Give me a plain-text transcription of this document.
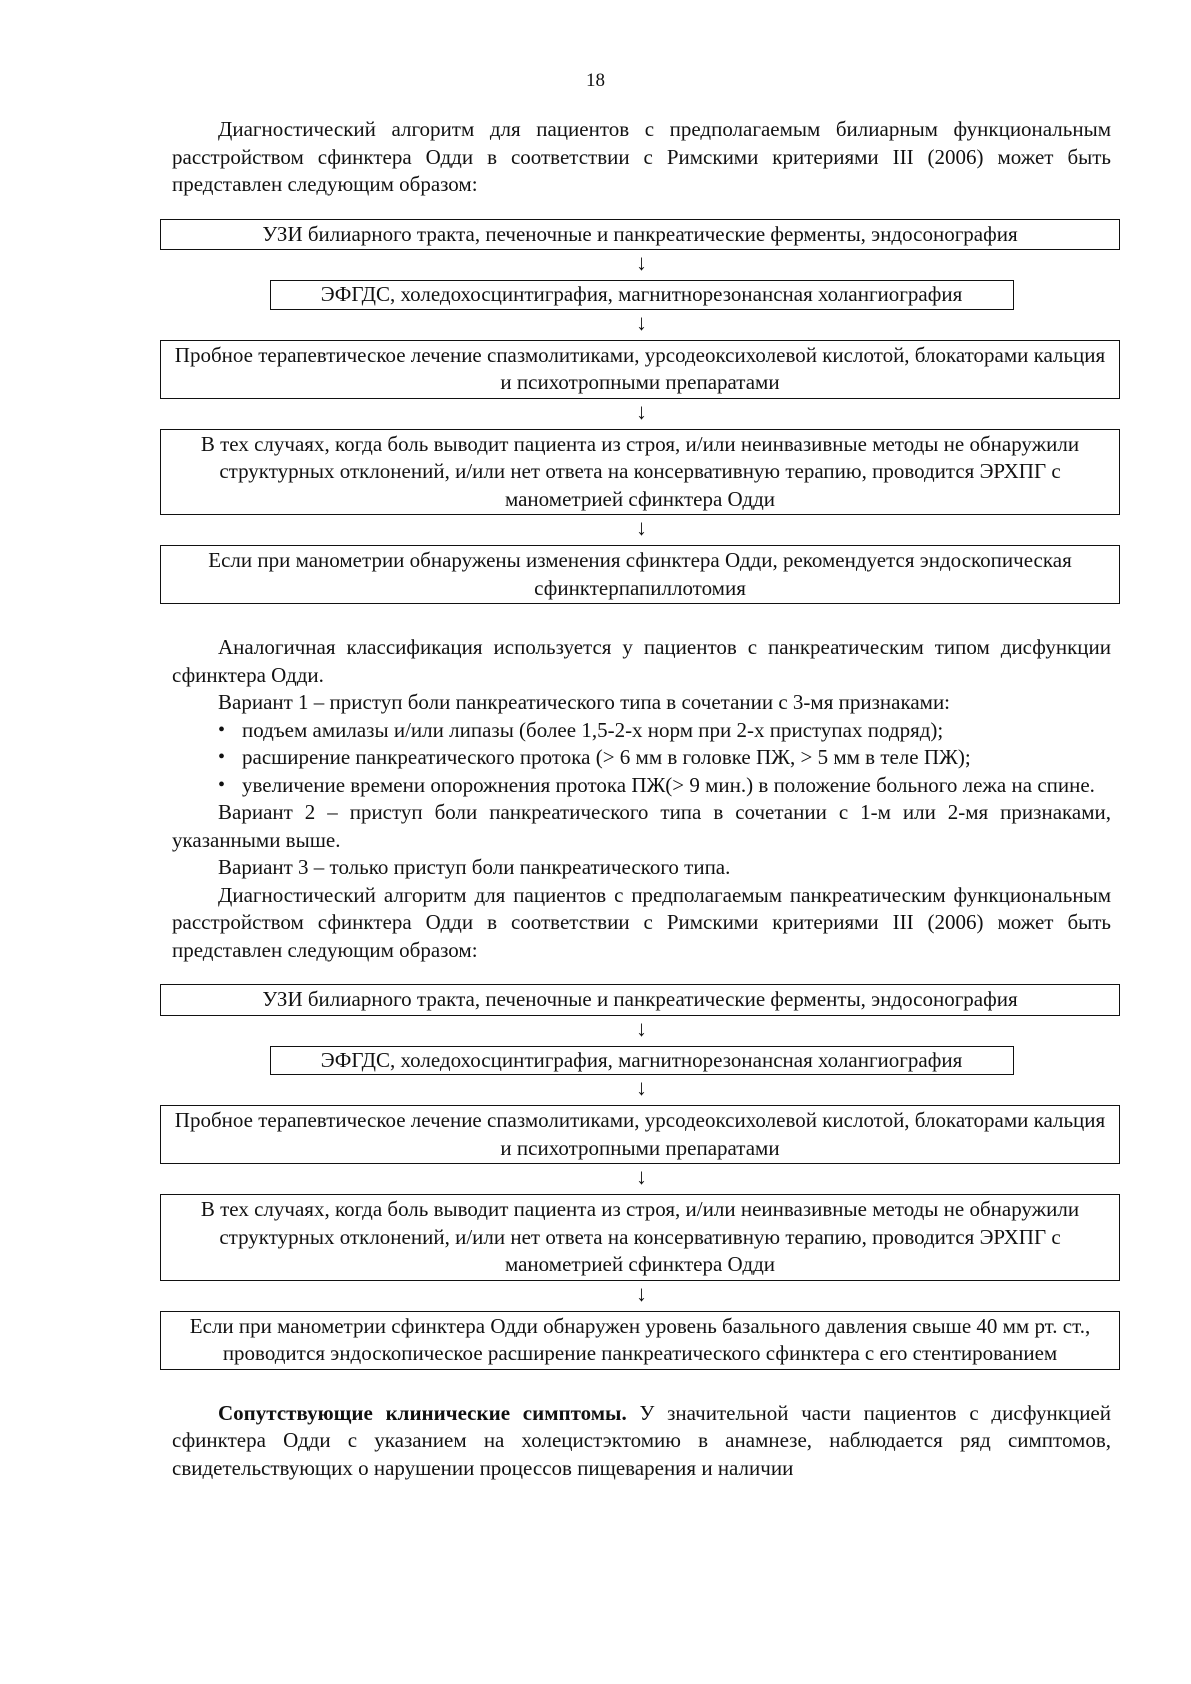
18

Диагностический алгоритм для пациентов с предполагаемым билиарным функциональным расстройством сфинктера Одди в соответствии с Римскими критериями III (2006) может быть представлен следующим образом:

УЗИ билиарного тракта, печеночные и панкреатические ферменты, эндосонография
↓
ЭФГДС, холедохосцинтиграфия, магнитнорезонансная холангиография
↓
Пробное терапевтическое лечение спазмолитиками, урсодеоксихолевой кислотой, блокаторами кальция и психотропными препаратами
↓
В тех случаях, когда боль выводит пациента из строя, и/или неинвазивные методы не обнаружили структурных отклонений, и/или нет ответа на консервативную терапию, проводится ЭРХПГ с манометрией сфинктера Одди
↓
Если при манометрии обнаружены изменения сфинктера Одди, рекомендуется эндоскопическая сфинктерпапиллотомия

Аналогичная классификация используется у пациентов с панкреатическим типом дисфункции сфинктера Одди.

Вариант 1 – приступ боли панкреатического типа в сочетании с 3-мя признаками:

• подъем амилазы и/или липазы (более 1,5-2-х норм при 2-х приступах подряд);
• расширение панкреатического протока (> 6 мм в головке ПЖ, > 5 мм в теле ПЖ);
• увеличение времени опорожнения протока ПЖ(> 9 мин.) в положение больного лежа на спине.

Вариант 2 – приступ боли панкреатического типа в сочетании с 1-м или 2-мя признаками, указанными выше.

Вариант 3 – только приступ боли панкреатического типа.

Диагностический алгоритм для пациентов с предполагаемым панкреатическим функциональным расстройством сфинктера Одди в соответствии с Римскими критериями III (2006) может быть представлен следующим образом:

УЗИ билиарного тракта, печеночные и панкреатические ферменты, эндосонография
↓
ЭФГДС, холедохосцинтиграфия, магнитнорезонансная холангиография
↓
Пробное терапевтическое лечение спазмолитиками, урсодеоксихолевой кислотой, блокаторами кальция и психотропными препаратами
↓
В тех случаях, когда боль выводит пациента из строя, и/или неинвазивные методы не обнаружили структурных отклонений, и/или нет ответа на консервативную терапию, проводится ЭРХПГ с манометрией сфинктера Одди
↓
Если при манометрии сфинктера Одди обнаружен уровень базального давления свыше 40 мм рт. ст., проводится эндоскопическое расширение панкреатического сфинктера с его стентированием

Сопутствующие клинические симптомы. У значительной части пациентов с дисфункцией сфинктера Одди с указанием на холецистэктомию в анамнезе, наблюдается ряд симптомов, свидетельствующих о нарушении процессов пищеварения и наличии
